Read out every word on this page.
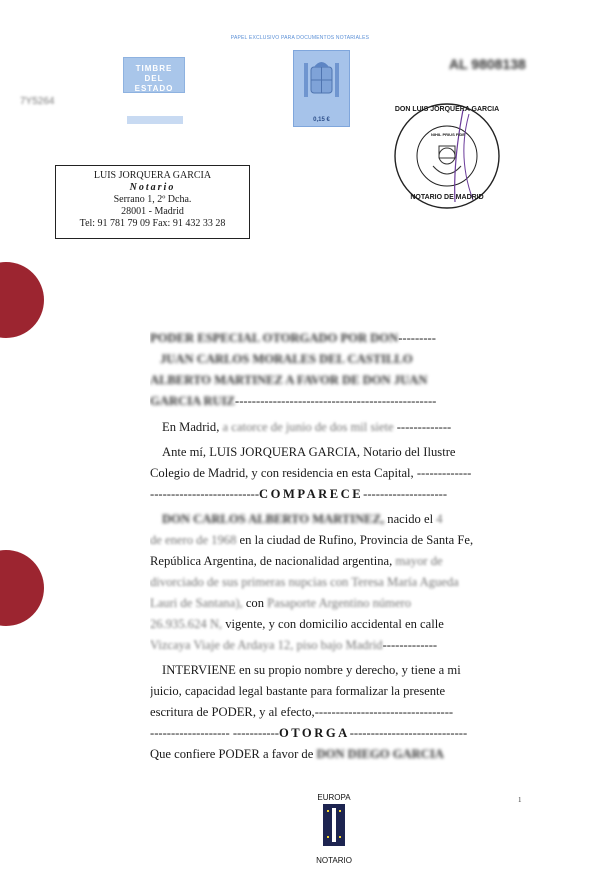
PAPEL EXCLUSIVO PARA DOCUMENTOS NOTARIALES
TIMBRE
DEL ESTADO
0,15 €
AL 9808138
7Y5264
LUIS JORQUERA GARCIA
Notario
Serrano 1, 2º Dcha.
28001 - Madrid
Tel: 91 781 79 09 Fax: 91 432 33 28
NIHIL PRIUS FIDE
DON LUIS JORQUERA GARCIA
NOTARIO DE MADRID
PODER ESPECIAL OTORGADO POR DON---------
JUAN CARLOS MORALES DEL CASTILLO
ALBERTO MARTINEZ A FAVOR DE DON JUAN
GARCIA RUIZ------------------------------------------------
En Madrid, a catorce de junio de dos mil siete -------------
Ante mí, LUIS JORQUERA GARCIA, Notario del Ilustre
Colegio de Madrid, y con residencia en esta Capital, -------------
--------------------------COMPARECE--------------------
DON CARLOS ALBERTO MARTINEZ, nacido el 4
de enero de 1968 en la ciudad de Rufino, Provincia de Santa Fe,
República Argentina, de nacionalidad argentina, mayor de
divorciado de sus primeras nupcias con Teresa María Agueda
Lauri de Santana), con Pasaporte Argentino número
26.935.624 N, vigente, y con domicilio accidental en calle
Vizcaya Viaje de Ardaya 12, piso bajo Madrid-------------
INTERVIENE en su propio nombre y derecho, y tiene a mi
juicio, capacidad legal bastante para formalizar la presente
escritura de PODER, y al efecto,---------------------------------
------------------- -----------OTORGA----------------------------
Que confiere PODER a favor de DON DIEGO GARCIA
EUROPA
NOTARIO
1
